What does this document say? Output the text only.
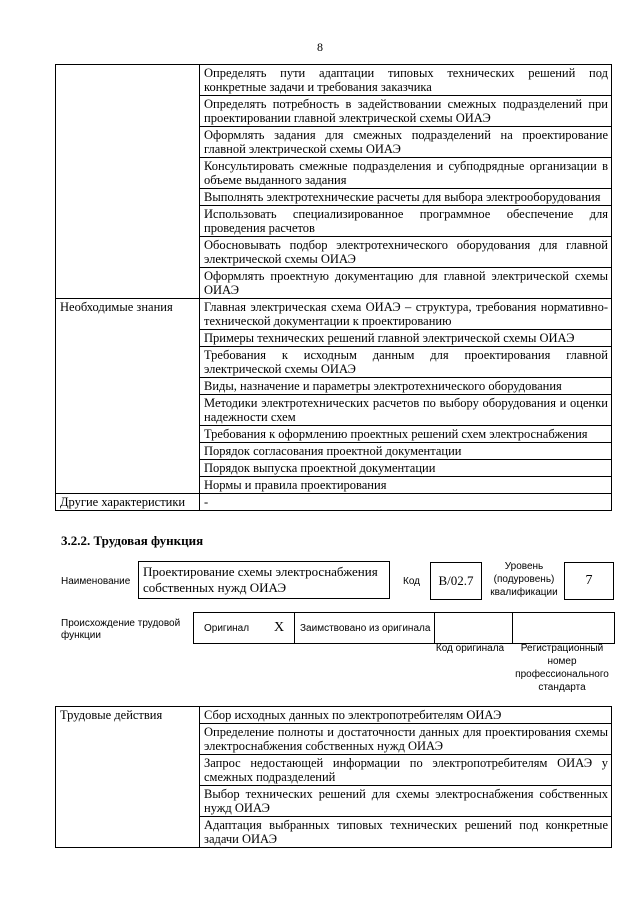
8
	Определять пути адаптации типовых технических решений под конкретные задачи и требования заказчика
	Определять потребность в задействовании смежных подразделений при проектировании главной электрической схемы ОИАЭ
	Оформлять задания для смежных подразделений на проектирование главной электрической схемы ОИАЭ
	Консультировать смежные подразделения и субподрядные организации в объеме выданного задания
	Выполнять электротехнические расчеты для выбора электрооборудования
	Использовать специализированное программное обеспечение для проведения расчетов
	Обосновывать подбор электротехнического оборудования для главной электрической схемы ОИАЭ
	Оформлять проектную документацию для главной электрической схемы ОИАЭ
Необходимые знания	Главная электрическая схема ОИАЭ – структура, требования нормативно-технической документации к проектированию
	Примеры технических решений главной электрической схемы ОИАЭ
	Требования к исходным данным для проектирования главной электрической схемы ОИАЭ
	Виды, назначение и параметры электротехнического оборудования
	Методики электротехнических расчетов по выбору оборудования и оценки надежности схем
	Требования к оформлению проектных решений схем электроснабжения
	Порядок согласования проектной документации
	Порядок выпуска проектной документации
	Нормы и правила проектирования
Другие характеристики	-
3.2.2. Трудовая функция
Наименование
Проектирование схемы электроснабжения собственных нужд ОИАЭ	Код	B/02.7
Уровень (подуровень) квалификации
7
Происхождение трудовой функции
Оригинал X Заимствовано из оригинала
Код оригинала	Регистрационный номер профессионального стандарта
Трудовые действия	Сбор исходных данных по электропотребителям ОИАЭ
Определение полноты и достаточности данных для проектирования схемы электроснабжения собственных нужд ОИАЭ
Запрос недостающей информации по электропотребителям ОИАЭ у смежных подразделений
Выбор технических решений для схемы электроснабжения собственных нужд ОИАЭ
Адаптация выбранных типовых технических решений под конкретные задачи ОИАЭ
